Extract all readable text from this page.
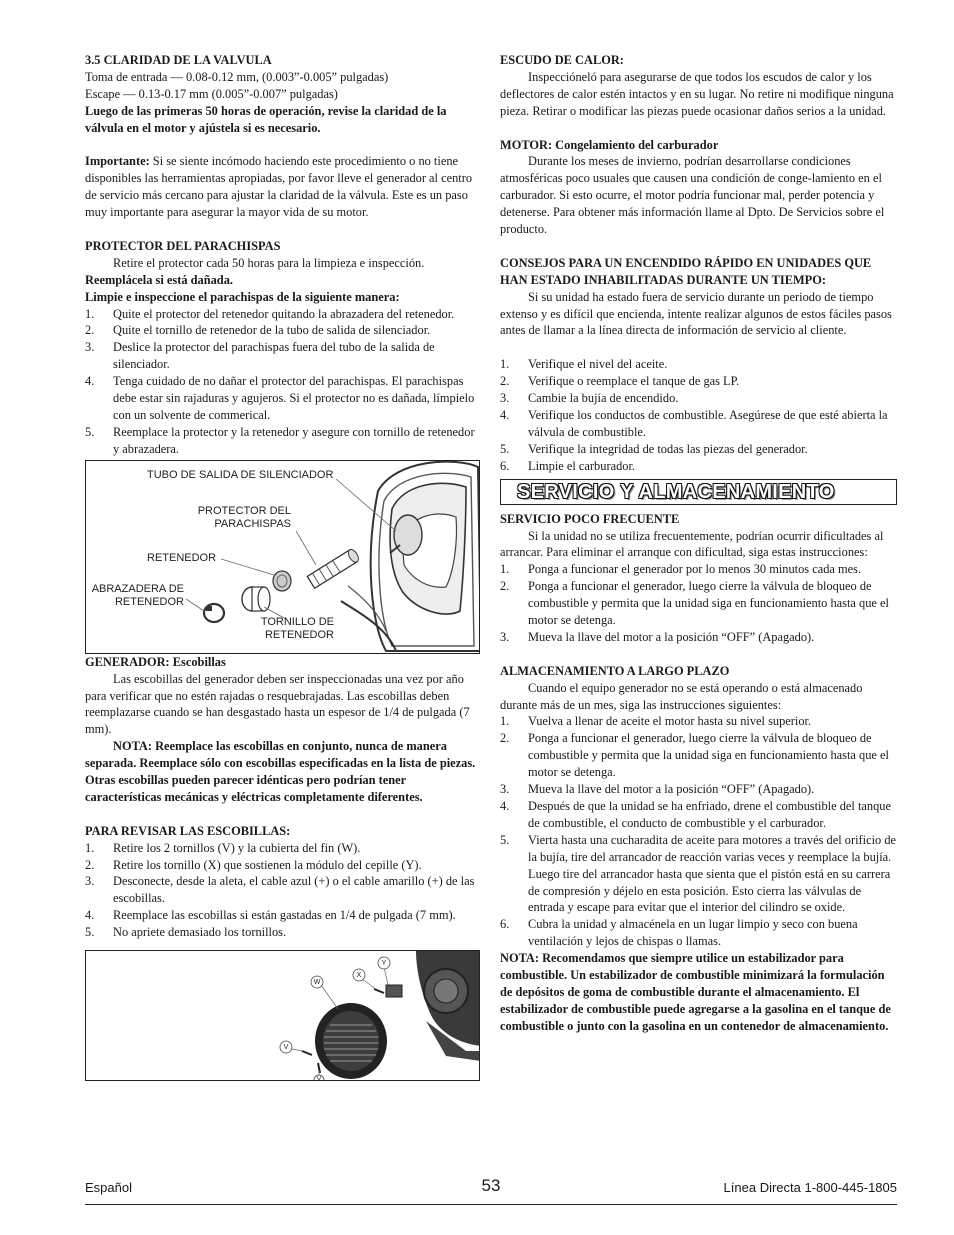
3.5 CLARIDAD DE LA VALVULA

Toma de entrada — 0.08-0.12 mm, (0.003”-0.005” pulgadas)

Escape — 0.13-0.17 mm (0.005”-0.007” pulgadas)

Luego de las primeras 50 horas de operación, revise la claridad de la válvula en el motor y ajústela si es necesario.

Importante: Si se siente incómodo haciendo este procedimiento o no tiene disponibles las herramientas apropiadas, por favor lleve el generador al centro de servicio más cercano para ajustar la claridad de la válvula. Este es un paso muy importante para asegurar la mayor vida de su motor.

PROTECTOR DEL PARACHISPAS

Retire el protector cada 50 horas para la limpieza e inspección.

Reemplácela si está dañada.

Limpie e inspeccione el parachispas de la siguiente manera:

1. Quite el protector del retenedor quitando la abrazadera del retenedor.
2. Quite el tornillo de retenedor de la tubo de salida de silenciador.
3. Deslice la protector del parachispas fuera del tubo de la salida de silenciador.
4. Tenga cuidado de no dañar el protector del parachispas. El parachispas debe estar sin rajaduras y agujeros. Si el protector no es dañada, límpielo con un solvente de commerical.
5. Reemplace la protector y la retenedor y asegure con tornillo de retenedor y abrazadera.
TUBO DE SALIDA DE SILENCIADOR
PROTECTOR DEL
PARACHISPAS
RETENEDOR
ABRAZADERA DE
RETENEDOR
TORNILLO DE
RETENEDOR

GENERADOR: Escobillas

Las escobillas del generador deben ser inspeccionadas una vez por año para verificar que no estén rajadas o resquebrajadas. Las escobillas deben reemplazarse cuando se han desgastado hasta un espesor de 1/4 de pulgada (7 mm).

NOTA: Reemplace las escobillas en conjunto, nunca de manera separada. Reemplace sólo con escobillas especificadas en la lista de piezas. Otras escobillas pueden parecer idénticas pero podrían tener características mecánicas y eléctricas completamente diferentes.

PARA REVISAR LAS ESCOBILLAS:

1. Retire los 2 tornillos (V) y la cubierta del fin (W).
2. Retire los tornillo (X) que sostienen la módulo del cepille (Y).
3. Desconecte, desde la aleta, el cable azul (+) o el cable amarillo (+) de las escobillas.
4. Reemplace las escobillas si están gastadas en 1/4 de pulgada (7 mm).
5. No apriete demasiado los tornillos.
W
X
Y
V
V

ESCUDO DE CALOR:

Inspeccióneló para asegurarse de que todos los escudos de calor y los deflectores de calor estén intactos y en su lugar. No retire ni modifique ninguna pieza. Retirar o modificar las piezas puede ocasionar daños serios a la unidad.

MOTOR: Congelamiento del carburador

Durante los meses de invierno, podrían desarrollarse condiciones atmosféricas poco usuales que causen una condición de conge-lamiento en el carburador. Si esto ocurre, el motor podría funcionar mal, perder potencia y detenerse. Para obtener más información llame al Dpto. De Servicios sobre el producto.

CONSEJOS PARA UN ENCENDIDO RÁPIDO EN UNIDADES QUE HAN ESTADO INHABILITADAS DURANTE UN TIEMPO:

Si su unidad ha estado fuera de servicio durante un periodo de tiempo extenso y es difícil que encienda, intente realizar algunos de estos fáciles pasos antes de llamar a la línea directa de información de servicio al cliente.

1. Verifique el nivel del aceite.
2. Verifique o reemplace el tanque de gas LP.
3. Cambie la bujía de encendido.
4. Verifique los conductos de combustible. Asegúrese de que esté abierta la válvula de combustible.
5. Verifique la integridad de todas las piezas del generador.
6. Limpie el carburador.
SERVICIO Y ALMACENAMIENTO

SERVICIO POCO FRECUENTE

Si la unidad no se utiliza frecuentemente, podrían ocurrir dificultades al arrancar. Para eliminar el arranque con dificultad, siga estas instrucciones:

1. Ponga a funcionar el generador por lo menos 30 minutos cada mes.
2. Ponga a funcionar el generador, luego cierre la válvula de bloqueo de combustible y permita que la unidad siga en funcionamiento hasta que el motor se detenga.
3. Mueva la llave del motor a la posición “OFF” (Apagado).

ALMACENAMIENTO A LARGO PLAZO

Cuando el equipo generador no se está operando o está almacenado durante más de un mes, siga las instrucciones siguientes:

1. Vuelva a llenar de aceite el motor hasta su nivel superior.
2. Ponga a funcionar el generador, luego cierre la válvula de bloqueo de combustible y permita que la unidad siga en funcionamiento hasta que el motor se detenga.
3. Mueva la llave del motor a la posición “OFF” (Apagado).
4. Después de que la unidad se ha enfriado, drene el combustible del tanque de combustible, el conducto de combustible y el carburador.
5. Vierta hasta una cucharadita de aceite para motores a través del orificio de la bujía, tire del arrancador de reacción varias veces y reemplace la bujía. Luego tire del arrancador hasta que sienta que el pistón está en su carrera de compresión y déjelo en esta posición. Esto cierra las válvulas de entrada y escape para evitar que el interior del cilindro se oxide.
6. Cubra la unidad y almacénela en un lugar limpio y seco con buena ventilación y lejos de chispas o llamas.

NOTA: Recomendamos que siempre utilice un estabilizador para combustible. Un estabilizador de combustible minimizará la formulación de depósitos de goma de combustible durante el almacenamiento. El estabilizador de combustible puede agregarse a la gasolina en el tanque de combustible o junto con la gasolina en un contenedor de almacenamiento.

Español	53	Línea Directa 1-800-445-1805
